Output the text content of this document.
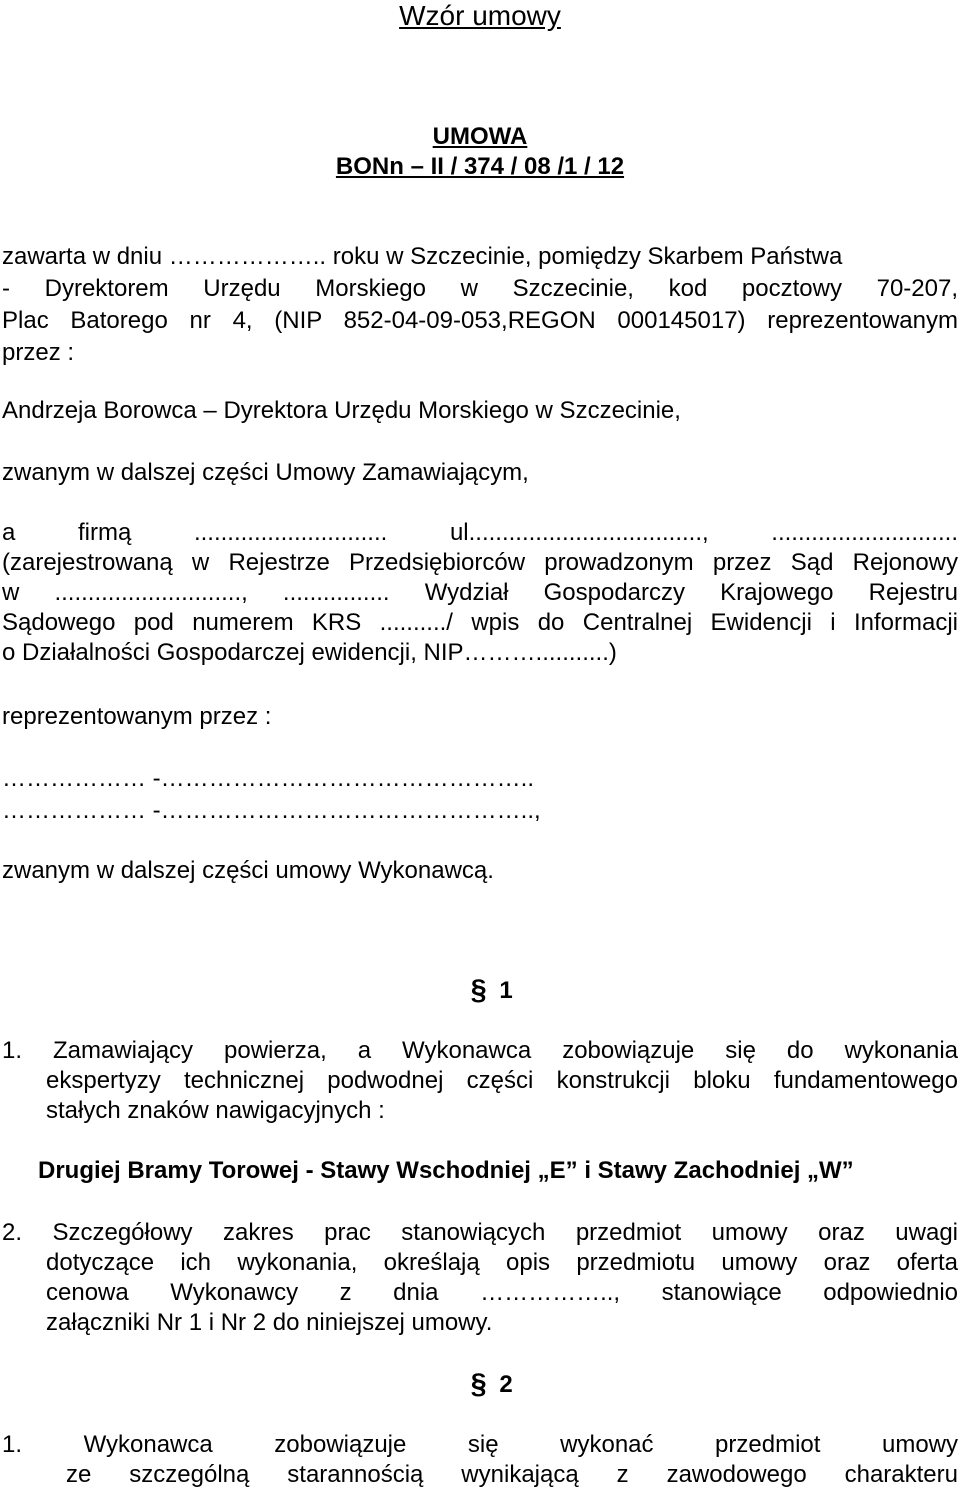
Wzór umowy

UMOWA

BONn – II / 374 / 08 /1 / 12

zawarta w dniu ……………….. roku w Szczecinie, pomiędzy Skarbem Państwa

- Dyrektorem Urzędu Morskiego w Szczecinie, kod pocztowy 70-207,

Plac Batorego nr 4, (NIP 852-04-09-053,REGON 000145017) reprezentowanym

przez :

Andrzeja Borowca – Dyrektora Urzędu Morskiego w Szczecinie,

zwanym w dalszej części Umowy Zamawiającym,

a firmą ............................. ul..................................., ............................

(zarejestrowaną w Rejestrze Przedsiębiorców prowadzonym przez Sąd Rejonowy

w ............................, ................ Wydział Gospodarczy Krajowego Rejestru

Sądowego pod numerem KRS ........../ wpis do Centralnej Ewidencji i Informacji

o Działalności Gospodarczej ewidencji, NIP………...........)

reprezentowanym przez :

……………… -………………………………………..

……………… -………………………………………..,

zwanym w dalszej części umowy Wykonawcą.

§ 1

1. Zamawiający powierza, a Wykonawca zobowiązuje się do wykonania

ekspertyzy technicznej podwodnej części konstrukcji bloku fundamentowego

stałych znaków nawigacyjnych :

Drugiej Bramy Torowej - Stawy Wschodniej „E” i Stawy Zachodniej „W”

2. Szczegółowy zakres prac stanowiących przedmiot umowy oraz uwagi

dotyczące ich wykonania, określają opis przedmiotu umowy oraz oferta

cenowa Wykonawcy z dnia …………….., stanowiące odpowiednio

załączniki Nr 1 i Nr 2 do niniejszej umowy.

§ 2

1. Wykonawca zobowiązuje się wykonać przedmiot umowy

ze szczególną starannością wynikającą z zawodowego charakteru
